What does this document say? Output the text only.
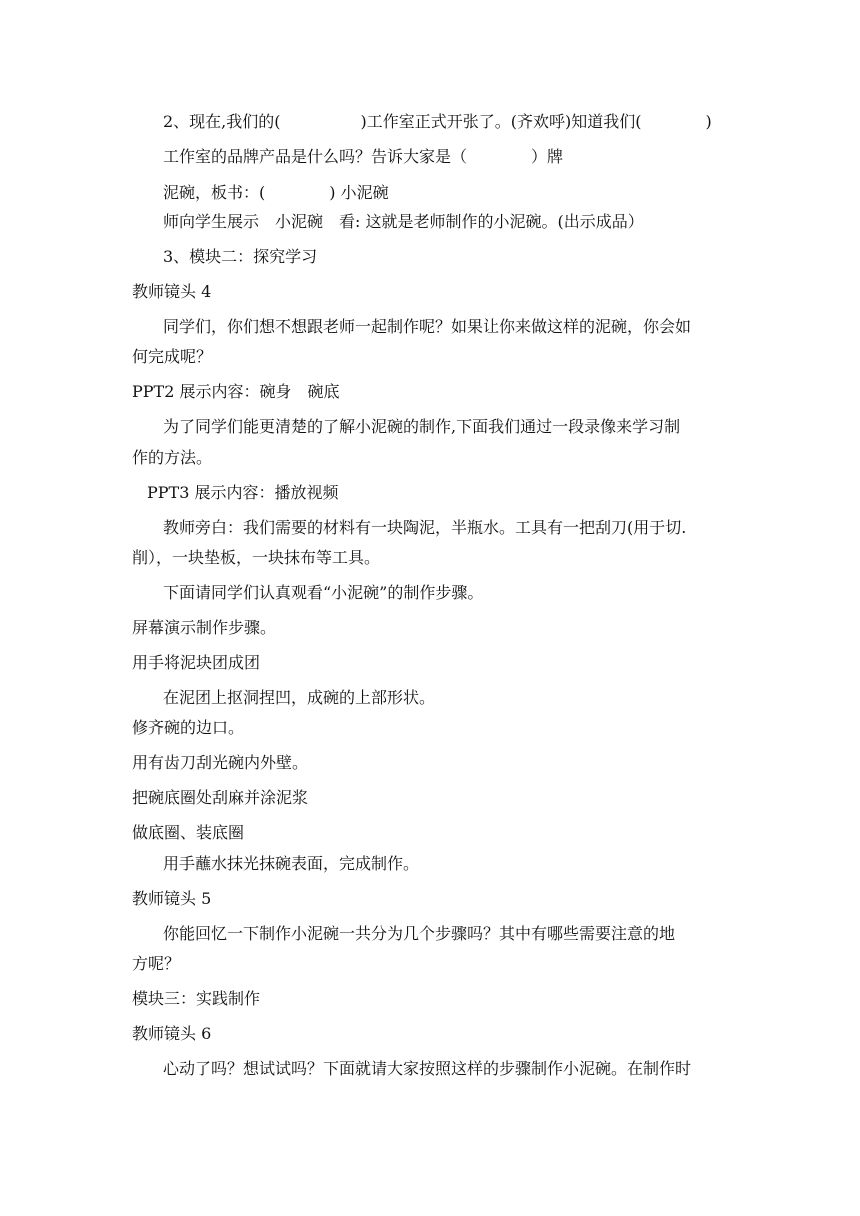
2、现在,我们的(　　　　　)工作室正式开张了。(齐欢呼)知道我们(　　　　)
工作室的品牌产品是什么吗？告诉大家是（　　　　）牌
泥碗，板书：(　　　　) 小泥碗
师向学生展示　小泥碗　看: 这就是老师制作的小泥碗。(出示成品）
3、模块二：探究学习
教师镜头 4
同学们，你们想不想跟老师一起制作呢？如果让你来做这样的泥碗，你会如
何完成呢？
PPT2 展示内容：碗身　碗底
为了同学们能更清楚的了解小泥碗的制作,下面我们通过一段录像来学习制
作的方法。
PPT3 展示内容：播放视频
教师旁白：我们需要的材料有一块陶泥，半瓶水。工具有一把刮刀(用于切.
削），一块垫板，一块抹布等工具。
下面请同学们认真观看“小泥碗”的制作步骤。
屏幕演示制作步骤。
用手将泥块团成团
在泥团上抠洞捏凹，成碗的上部形状。
修齐碗的边口。
用有齿刀刮光碗内外壁。
把碗底圈处刮麻并涂泥浆
做底圈、装底圈
用手蘸水抹光抹碗表面，完成制作。
教师镜头 5
你能回忆一下制作小泥碗一共分为几个步骤吗？其中有哪些需要注意的地
方呢？
模块三：实践制作
教师镜头 6
心动了吗？想试试吗？下面就请大家按照这样的步骤制作小泥碗。在制作时
